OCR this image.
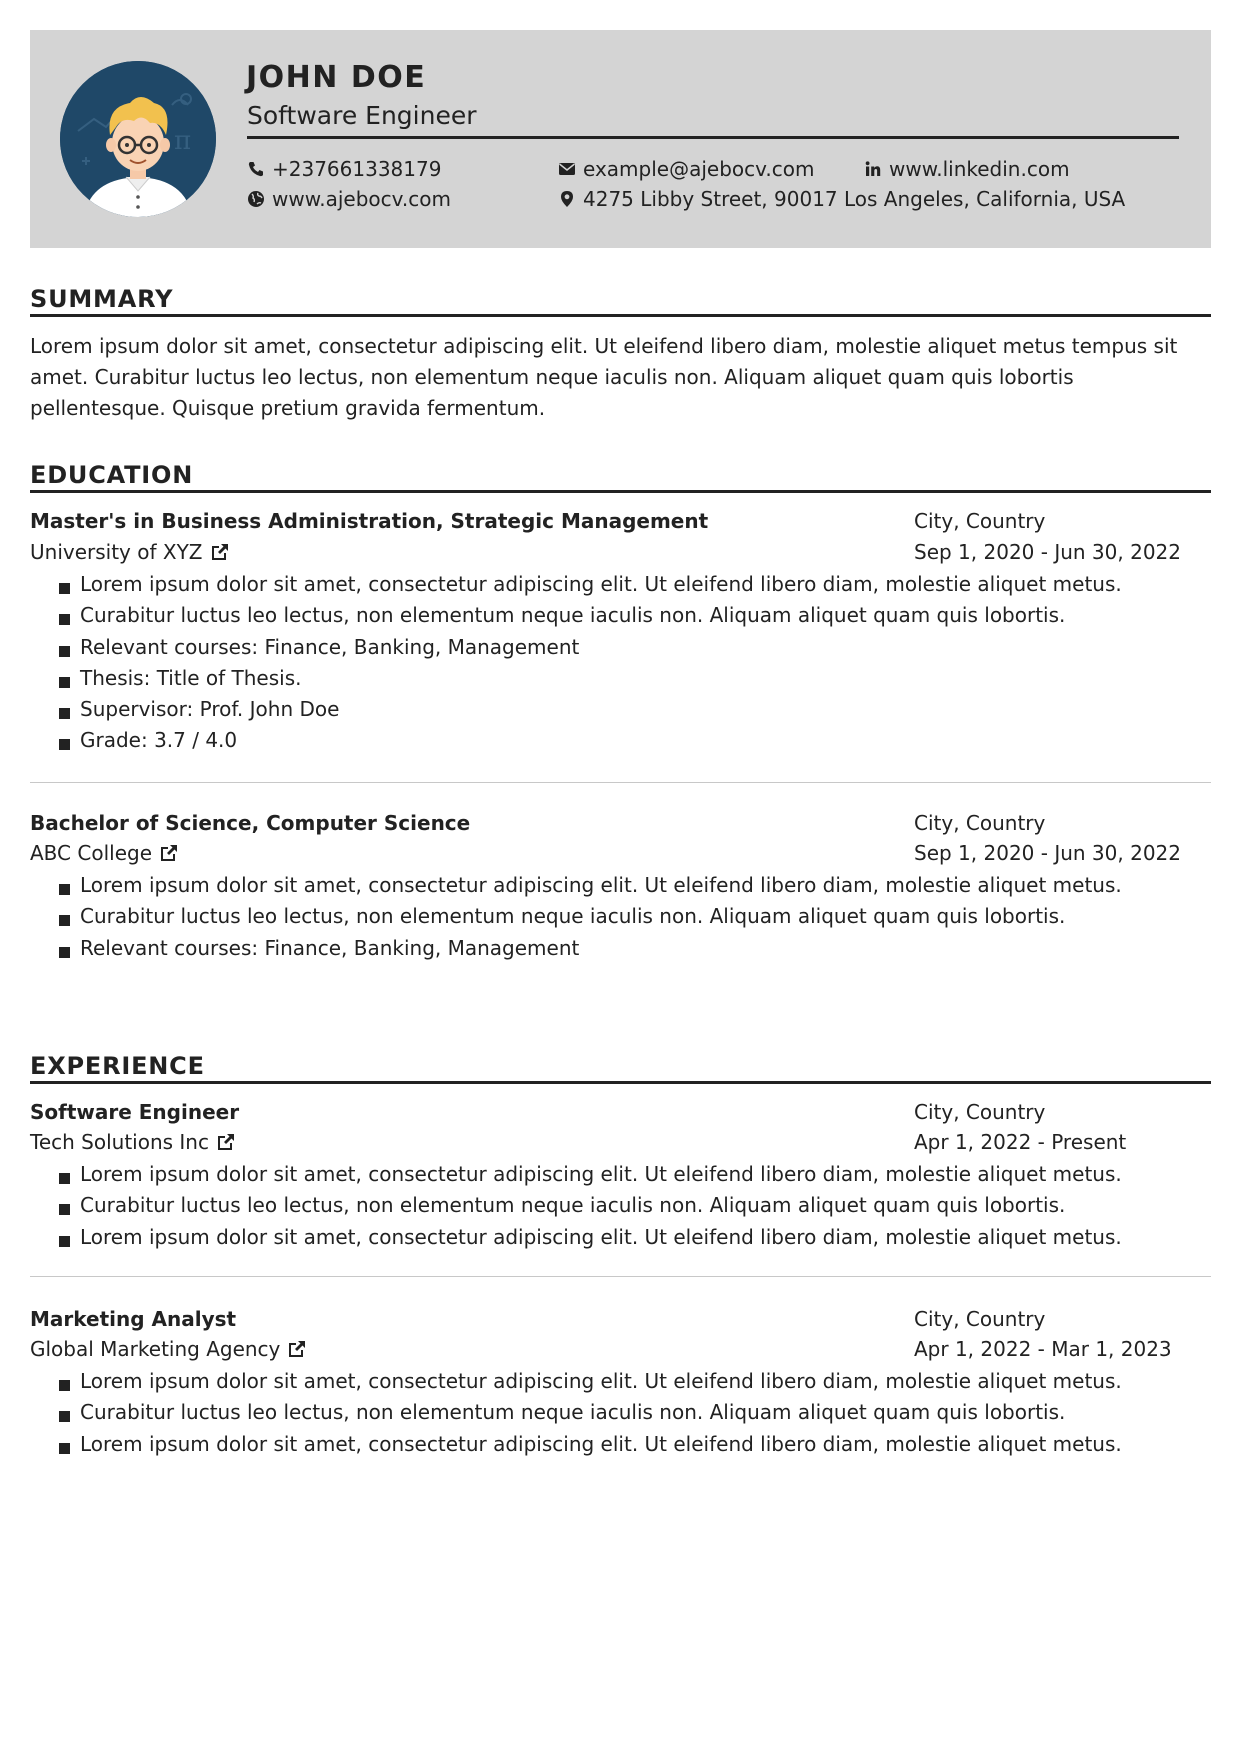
π
JOHN DOE
Software Engineer
+237661338179	example@ajebocv.com	www.linkedin.com
www.ajebocv.com	4275 Libby Street, 90017 Los Angeles, California, USA
SUMMARY
Lorem ipsum dolor sit amet, consectetur adipiscing elit. Ut eleifend libero diam, molestie aliquet metus tempus sit amet. Curabitur luctus leo lectus, non elementum neque iaculis non. Aliquam aliquet quam quis lobortis pellentesque. Quisque pretium gravida fermentum.
EDUCATION
Master's in Business Administration, Strategic Management	City, Country
University of XYZ	Sep 1, 2020 - Jun 30, 2022
Lorem ipsum dolor sit amet, consectetur adipiscing elit. Ut eleifend libero diam, molestie aliquet metus.
Curabitur luctus leo lectus, non elementum neque iaculis non. Aliquam aliquet quam quis lobortis.
Relevant courses: Finance, Banking, Management
Thesis: Title of Thesis.
Supervisor: Prof. John Doe
Grade: 3.7 / 4.0
Bachelor of Science, Computer Science	City, Country
ABC College	Sep 1, 2020 - Jun 30, 2022
Lorem ipsum dolor sit amet, consectetur adipiscing elit. Ut eleifend libero diam, molestie aliquet metus.
Curabitur luctus leo lectus, non elementum neque iaculis non. Aliquam aliquet quam quis lobortis.
Relevant courses: Finance, Banking, Management
EXPERIENCE
Software Engineer	City, Country
Tech Solutions Inc	Apr 1, 2022 - Present
Lorem ipsum dolor sit amet, consectetur adipiscing elit. Ut eleifend libero diam, molestie aliquet metus.
Curabitur luctus leo lectus, non elementum neque iaculis non. Aliquam aliquet quam quis lobortis.
Lorem ipsum dolor sit amet, consectetur adipiscing elit. Ut eleifend libero diam, molestie aliquet metus.
Marketing Analyst	City, Country
Global Marketing Agency	Apr 1, 2022 - Mar 1, 2023
Lorem ipsum dolor sit amet, consectetur adipiscing elit. Ut eleifend libero diam, molestie aliquet metus.
Curabitur luctus leo lectus, non elementum neque iaculis non. Aliquam aliquet quam quis lobortis.
Lorem ipsum dolor sit amet, consectetur adipiscing elit. Ut eleifend libero diam, molestie aliquet metus.
